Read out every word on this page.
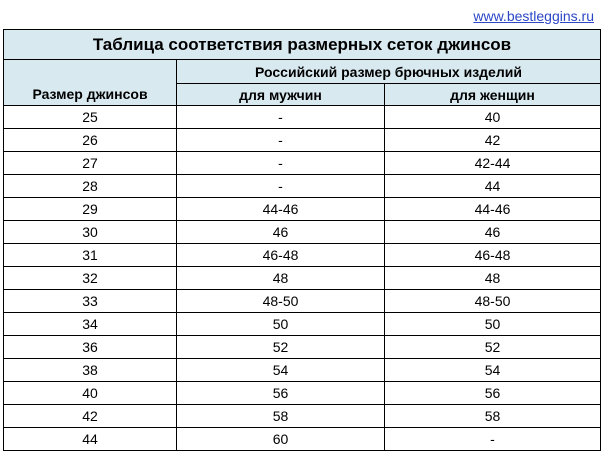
www.bestleggins.ru
Таблица соответствия размерных сеток джинсов		
Размер джинсов	Российский размер брючных изделий	
	для мужчин	для женщин
25	-	40
26	-	42
27	-	42-44
28	-	44
29	44-46	44-46
30	46	46
31	46-48	46-48
32	48	48
33	48-50	48-50
34	50	50
36	52	52
38	54	54
40	56	56
42	58	58
44	60	-
